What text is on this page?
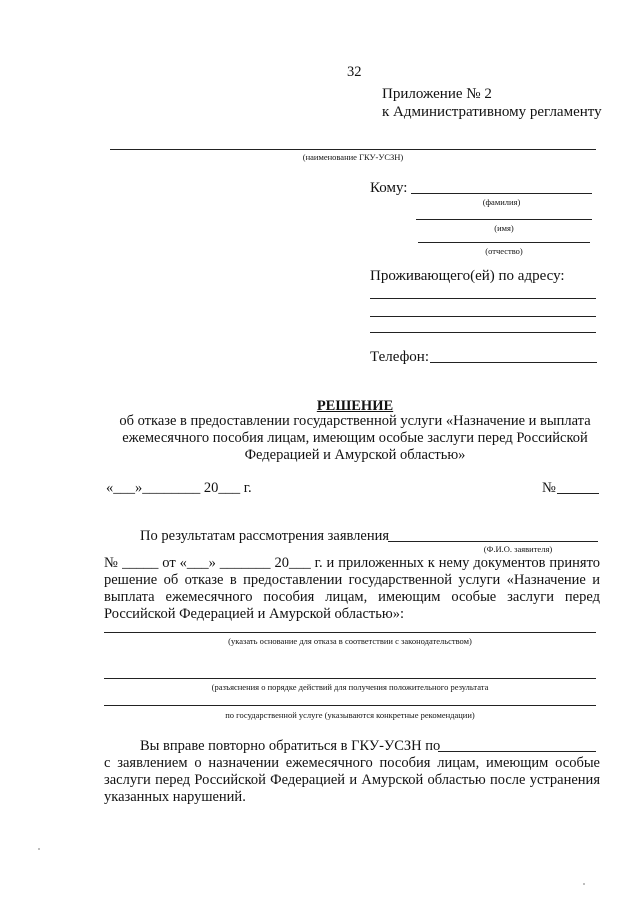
32
Приложение № 2
к Административному регламенту
(наименование ГКУ-УСЗН)
Кому:
(фамилия)
(имя)
(отчество)
Проживающего(ей) по адресу:
Телефон:
РЕШЕНИЕ
об отказе в предоставлении государственной услуги «Назначение и выплата
ежемесячного пособия лицам, имеющим особые заслуги перед Российской
Федерацией и Амурской областью»
«___»________ 20___ г.	№
По результатам рассмотрения заявления
(Ф.И.О. заявителя)
№ _____ от «___» _______ 20___ г. и приложенных к нему документов принято
решение об отказе в предоставлении государственной услуги «Назначение и
выплата ежемесячного пособия лицам, имеющим особые заслуги перед
Российской Федерацией и Амурской областью»:
(указать основание для отказа в соответствии с законодательством)
(разъяснения о порядке действий для получения положительного результата
по государственной услуге (указываются конкретные рекомендации)
Вы вправе повторно обратиться в ГКУ-УСЗН по
с заявлением о назначении ежемесячного пособия лицам, имеющим особые
заслуги перед Российской Федерацией и Амурской областью после устранения
указанных нарушений.
